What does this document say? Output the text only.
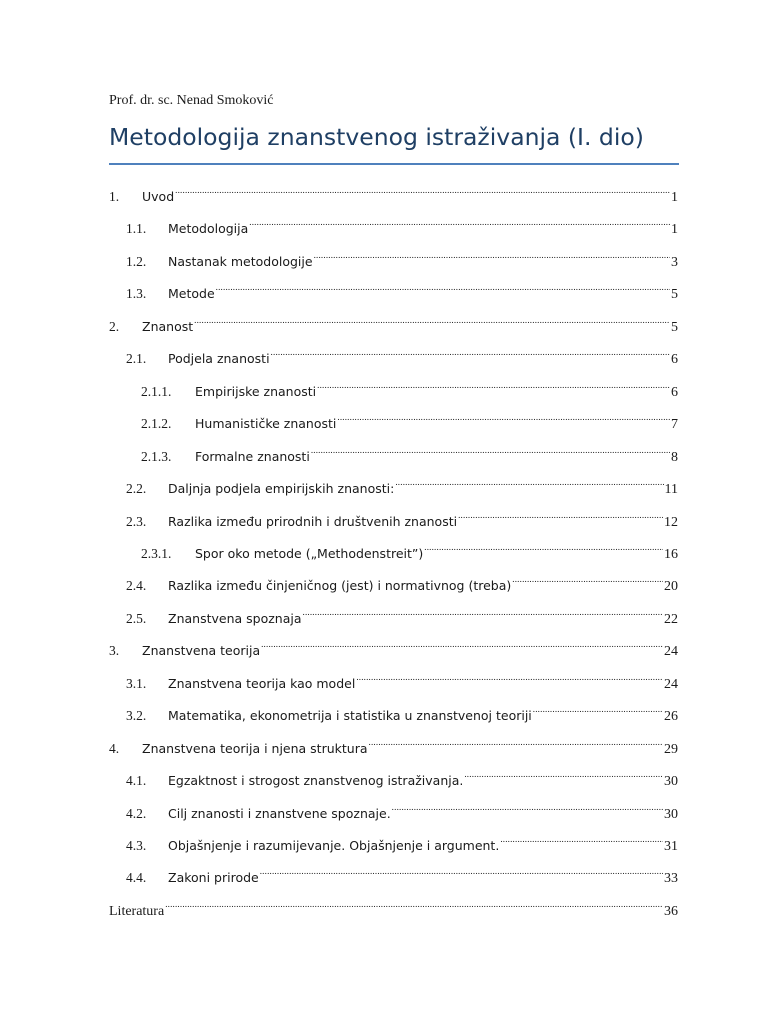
Prof. dr. sc. Nenad Smoković
Metodologija znanstvenog istraživanja (I. dio)
1.	Uvod .....	1
1.1.	Metodologija .....	1
1.2.	Nastanak metodologije .....	3
1.3.	Metode .....	5
2.	Znanost .....	5
2.1.	Podjela znanosti .....	6
2.1.1.	Empirijske znanosti .....	6
2.1.2.	Humanističke znanosti .....	7
2.1.3.	Formalne znanosti .....	8
2.2.	Daljnja podjela empirijskih znanosti: .....	11
2.3.	Razlika između prirodnih i društvenih znanosti .....	12
2.3.1.	Spor oko metode („Methodenstreit”) .....	16
2.4.	Razlika između činjeničnog (jest) i normativnog (treba) .....	20
2.5.	Znanstvena spoznaja .....	22
3.	Znanstvena teorija .....	24
3.1.	Znanstvena teorija kao model .....	24
3.2.	Matematika, ekonometrija i statistika u znanstvenoj teoriji .....	26
4.	Znanstvena teorija i njena struktura .....	29
4.1.	Egzaktnost i strogost znanstvenog istraživanja. .....	30
4.2.	Cilj znanosti i znanstvene spoznaje. .....	30
4.3.	Objašnjenje i razumijevanje. Objašnjenje i argument. .....	31
4.4.	Zakoni prirode .....	33
Literatura .....	36
